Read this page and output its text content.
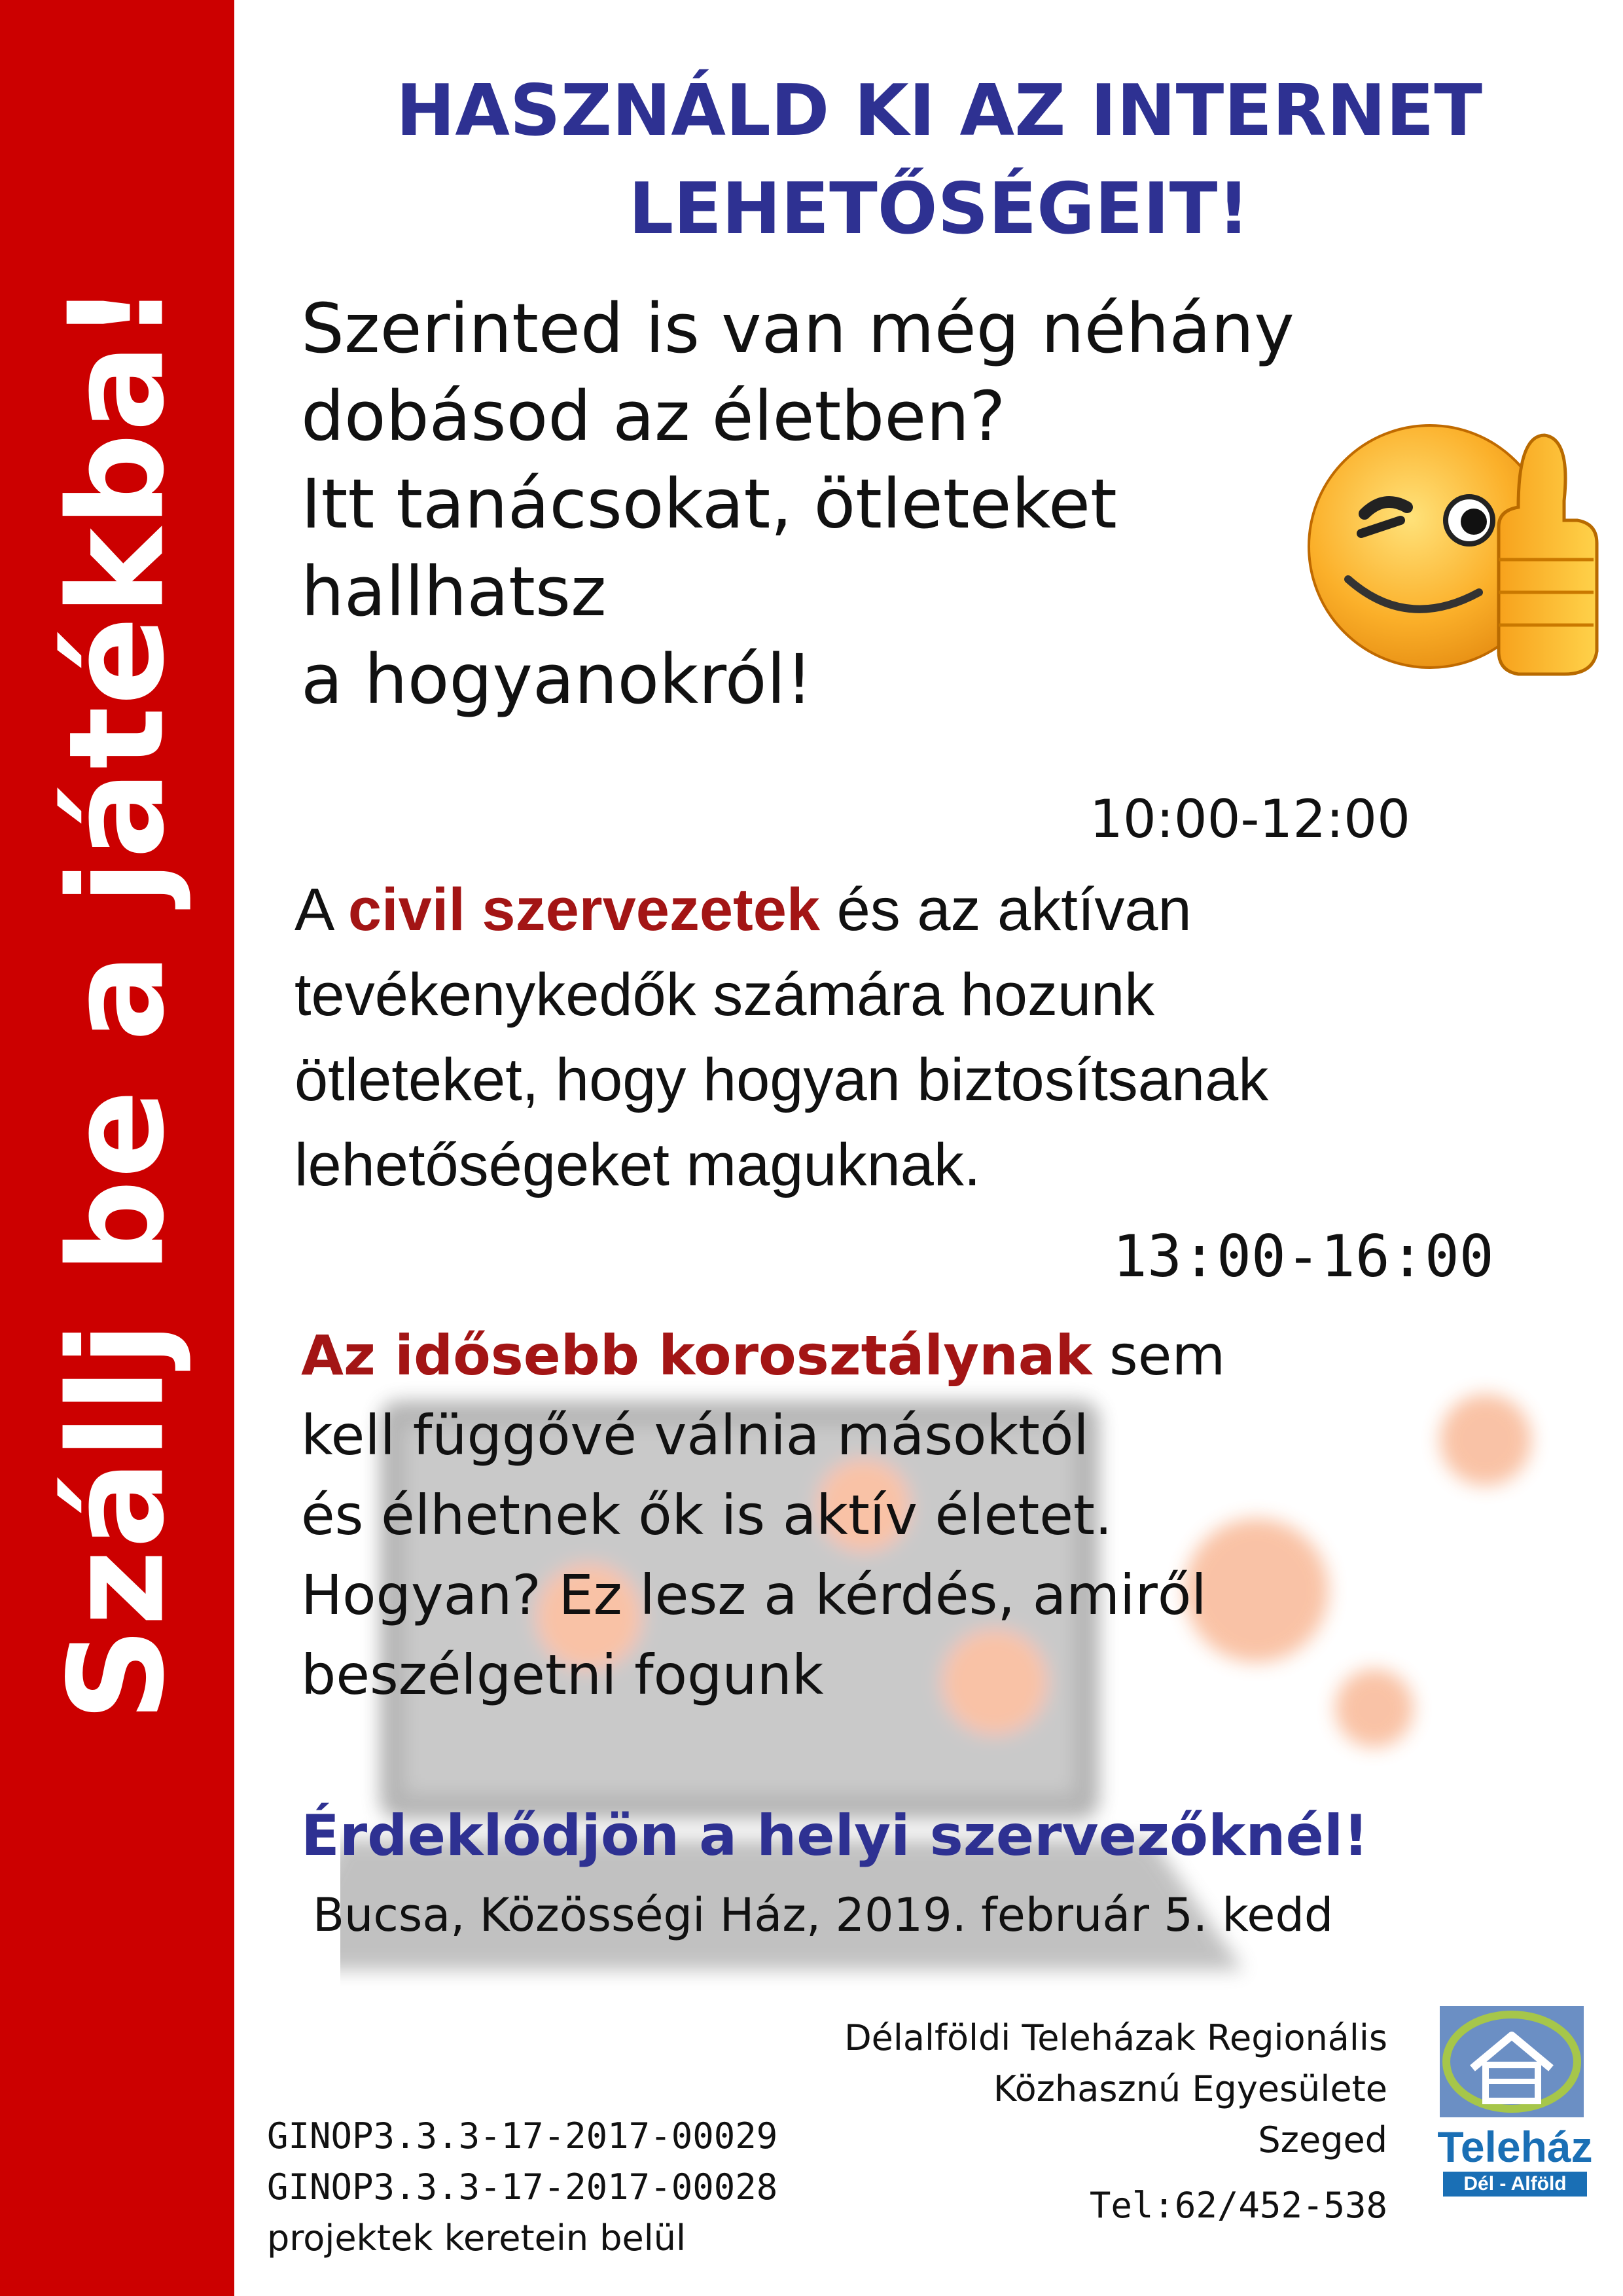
Szállj be a játékba!
HASZNÁLD KI AZ INTERNET
LEHETŐSÉGEIT!
Szerinted is van még néhány
dobásod az életben?
Itt tanácsokat, ötleteket
hallhatsz
a hogyanokról!
10:00-12:00
A civil szervezetek és az aktívan
tevékenykedők számára hozunk
ötleteket, hogy hogyan biztosítsanak
lehetőségeket maguknak.
13:00-16:00
Az idősebb korosztálynak sem
kell függővé válnia másoktól
és élhetnek ők is aktív életet.
Hogyan? Ez lesz a kérdés, amiről
beszélgetni fogunk
Érdeklődjön a helyi szervezőknél!
Bucsa, Közösségi Ház, 2019. február 5. kedd
Délalföldi Teleházak Regionális
Közhasznú Egyesülete
Szeged
Tel:62/452-538
GINOP3.3.3-17-2017-00029
GINOP3.3.3-17-2017-00028
projektek keretein belül
Teleház
Dél - Alföld
